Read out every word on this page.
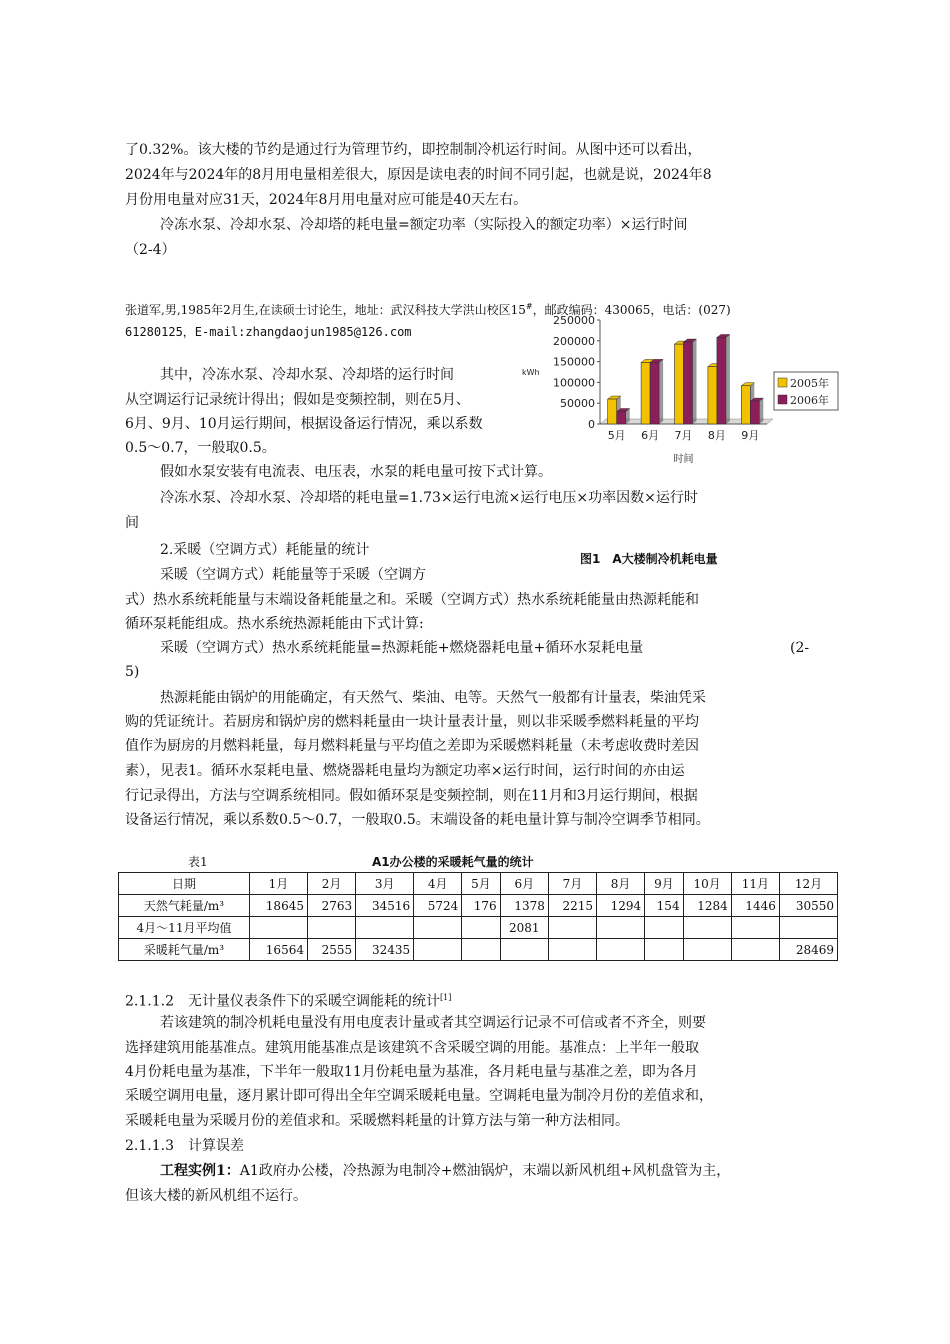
了0.32%。该大楼的节约是通过行为管理节约，即控制制冷机运行时间。从图中还可以看出，
2024年与2024年的8月用电量相差很大，原因是读电表的时间不同引起，也就是说，2024年8
月份用电量对应31天，2024年8月用电量对应可能是40天左右。
冷冻水泵、冷却水泵、冷却塔的耗电量=额定功率（实际投入的额定功率）×运行时间
（2-4）
张道军,男,1985年2月生,在读硕士讨论生，地址：武汉科技大学洪山校区15#，邮政编码：430065，电话：(027)
61280125，E-mail:zhangdaojun1985@126.com
其中，冷冻水泵、冷却水泵、冷却塔的运行时间
从空调运行记录统计得出；假如是变频控制，则在5月、
6月、9月、10月运行期间，根据设备运行情况，乘以系数
0.5～0.7，一般取0.5。
假如水泵安装有电流表、电压表，水泵的耗电量可按下式计算。
冷冻水泵、冷却水泵、冷却塔的耗电量=1.73×运行电流×运行电压×功率因数×运行时
间
0
50000
100000
150000
200000
250000
kWh
5月 6月 7月 8月 9月
时间
2005年
2006年
图1　A大楼制冷机耗电量
2.采暖（空调方式）耗能量的统计
采暖（空调方式）耗能量等于采暖（空调方
式）热水系统耗能量与末端设备耗能量之和。采暖（空调方式）热水系统耗能量由热源耗能和
循环泵耗能组成。热水系统热源耗能由下式计算:
采暖（空调方式）热水系统耗能量=热源耗能+燃烧器耗电量+循环水泵耗电量	(2-
5)
热源耗能由锅炉的用能确定，有天然气、柴油、电等。天然气一般都有计量表，柴油凭采
购的凭证统计。若厨房和锅炉房的燃料耗量由一块计量表计量，则以非采暖季燃料耗量的平均
值作为厨房的月燃料耗量，每月燃料耗量与平均值之差即为采暖燃料耗量（未考虑收费时差因
素），见表1。循环水泵耗电量、燃烧器耗电量均为额定功率×运行时间，运行时间的亦由运
行记录得出，方法与空调系统相同。假如循环泵是变频控制，则在11月和3月运行期间，根据
设备运行情况，乘以系数0.5～0.7，一般取0.5。末端设备的耗电量计算与制冷空调季节相同。
表1	A1办公楼的采暖耗气量的统计
日期	1月	2月	3月	4月	5月	6月	7月	8月	9月	10月	11月	12月
天然气耗量/m³	18645	2763	34516	5724	176	1378	2215	1294	154	1284	1446	30550
4月～11月平均值						2081						
采暖耗气量/m³	16564	2555	32435									28469
2.1.1.2　无计量仪表条件下的采暖空调能耗的统计[1]
若该建筑的制冷机耗电量没有用电度表计量或者其空调运行记录不可信或者不齐全，则要
选择建筑用能基准点。建筑用能基准点是该建筑不含采暖空调的用能。基准点：上半年一般取
4月份耗电量为基准，下半年一般取11月份耗电量为基准，各月耗电量与基准之差，即为各月
采暖空调用电量，逐月累计即可得出全年空调采暖耗电量。空调耗电量为制冷月份的差值求和，
采暖耗电量为采暖月份的差值求和。采暖燃料耗量的计算方法与第一种方法相同。
2.1.1.3　计算误差
工程实例1：A1政府办公楼，冷热源为电制冷+燃油锅炉，末端以新风机组+风机盘管为主，
但该大楼的新风机组不运行。
